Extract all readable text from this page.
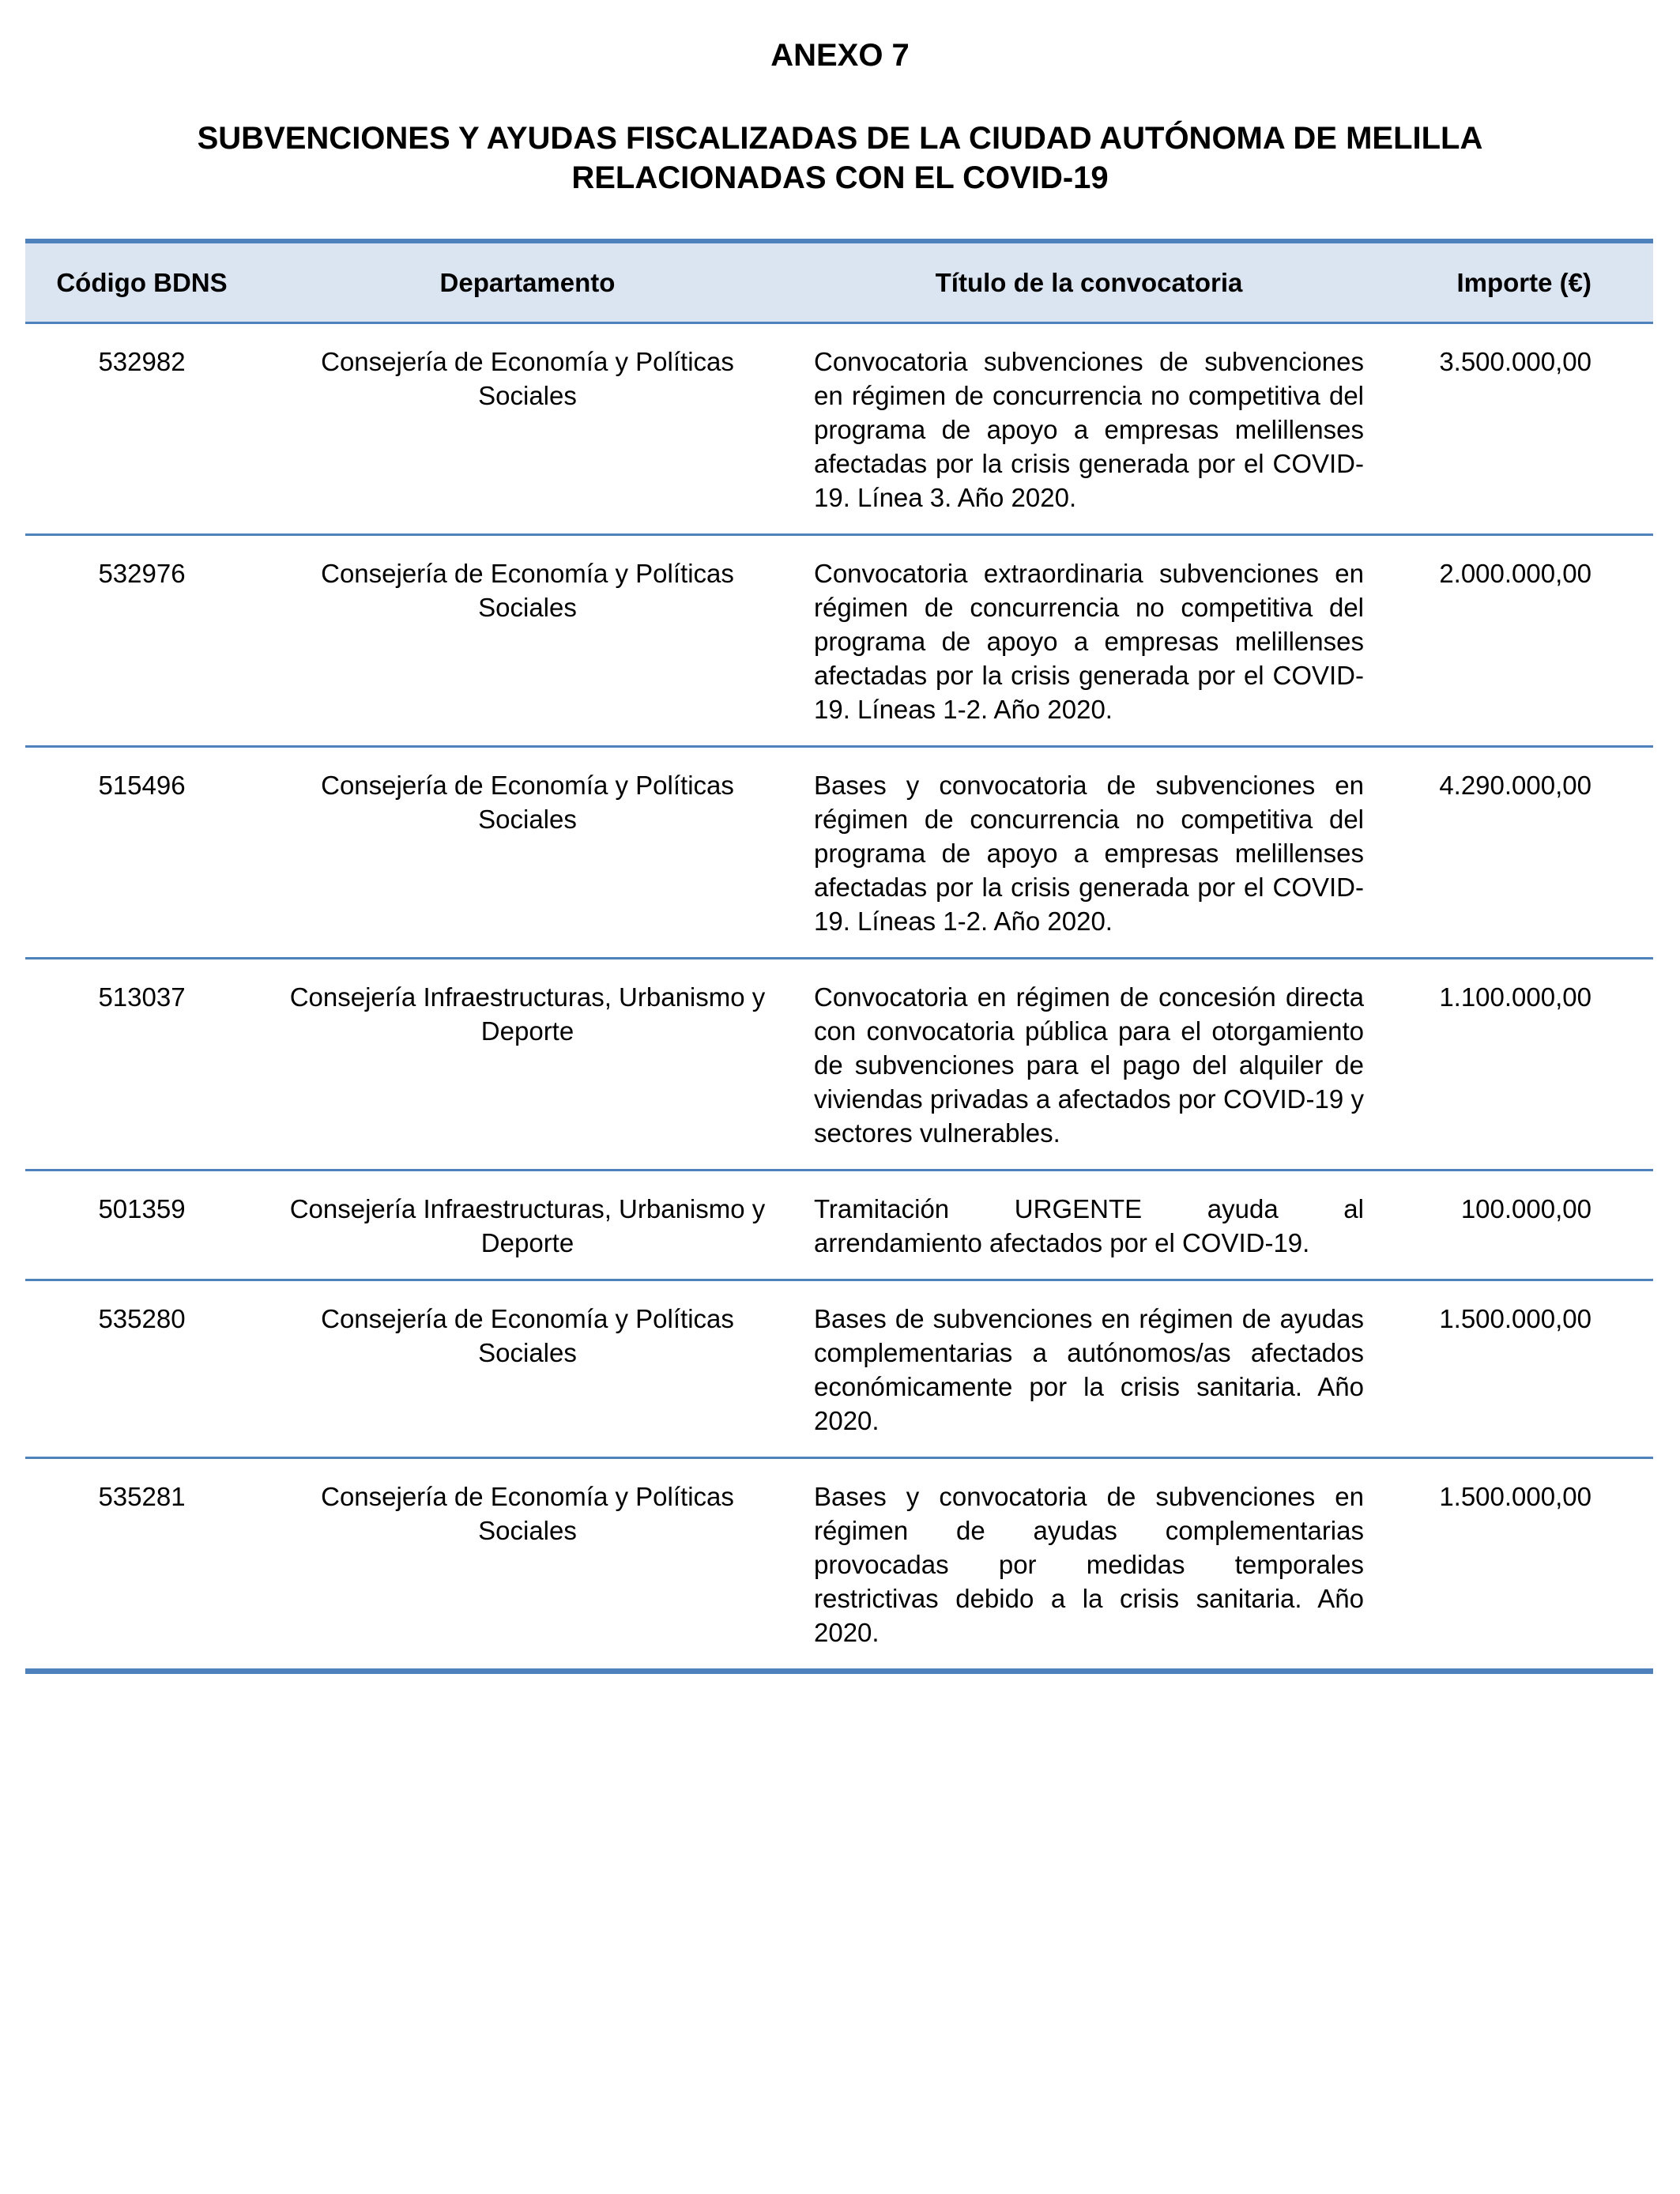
ANEXO 7
SUBVENCIONES Y AYUDAS FISCALIZADAS DE LA CIUDAD AUTÓNOMA DE MELILLA
RELACIONADAS CON EL COVID-19
Código BDNS	Departamento	Título de la convocatoria	Importe (€)
532982	Consejería de Economía y Políticas Sociales	Convocatoria subvenciones de subvenciones en régimen de concurrencia no competitiva del programa de apoyo a empresas melillenses afectadas por la crisis generada por el COVID-19. Línea 3. Año 2020.	3.500.000,00
532976	Consejería de Economía y Políticas Sociales	Convocatoria extraordinaria subvenciones en régimen de concurrencia no competitiva del programa de apoyo a empresas melillenses afectadas por la crisis generada por el COVID-19. Líneas 1-2. Año 2020.	2.000.000,00
515496	Consejería de Economía y Políticas Sociales	Bases y convocatoria de subvenciones en régimen de concurrencia no competitiva del programa de apoyo a empresas melillenses afectadas por la crisis generada por el COVID-19. Líneas 1-2. Año 2020.	4.290.000,00
513037	Consejería Infraestructuras, Urbanismo y Deporte	Convocatoria en régimen de concesión directa con convocatoria pública para el otorgamiento de subvenciones para el pago del alquiler de viviendas privadas a afectados por COVID-19 y sectores vulnerables.	1.100.000,00
501359	Consejería Infraestructuras, Urbanismo y Deporte	Tramitación URGENTE ayuda al arrendamiento afectados por el COVID-19.	100.000,00
535280	Consejería de Economía y Políticas Sociales	Bases de subvenciones en régimen de ayudas complementarias a autónomos/as afectados económicamente por la crisis sanitaria. Año 2020.	1.500.000,00
535281	Consejería de Economía y Políticas Sociales	Bases y convocatoria de subvenciones en régimen de ayudas complementarias provocadas por medidas temporales restrictivas debido a la crisis sanitaria. Año 2020.	1.500.000,00
